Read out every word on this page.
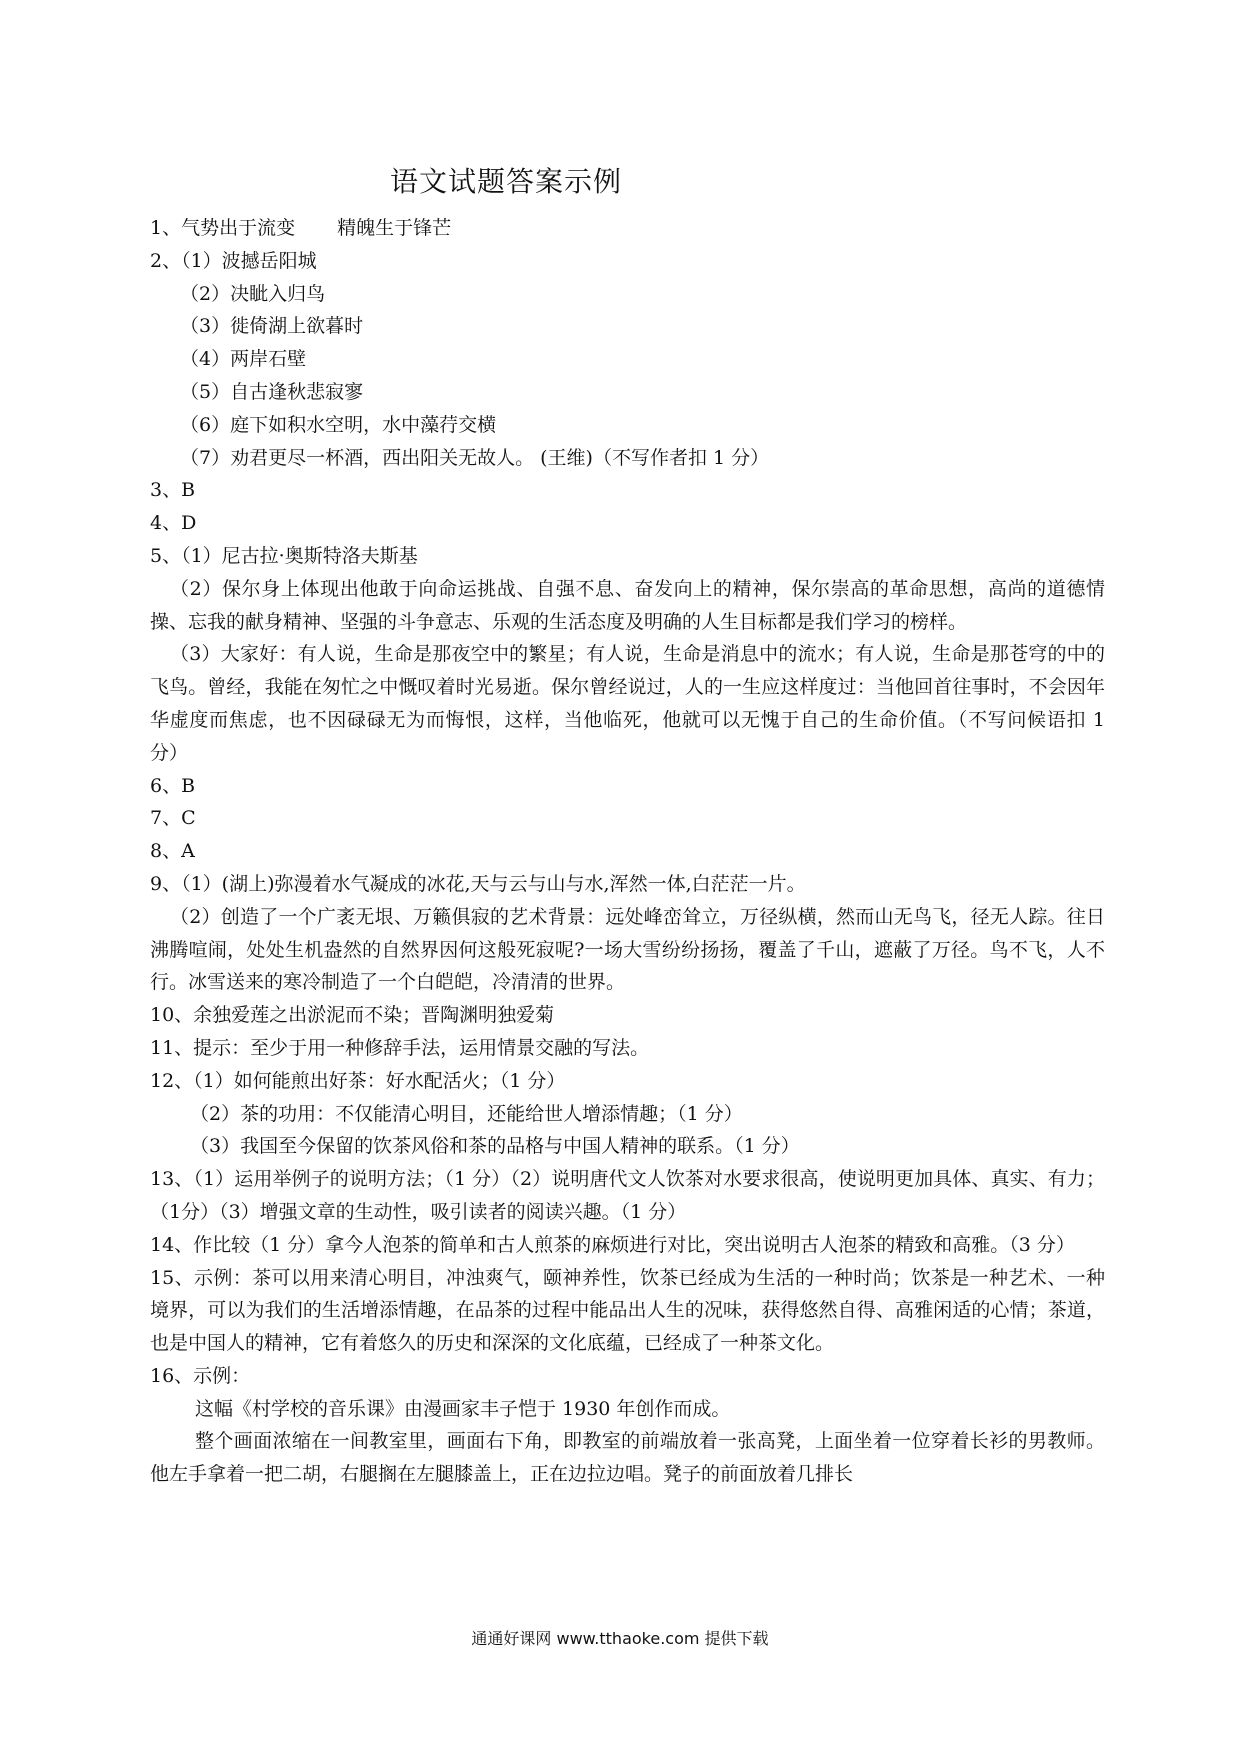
语文试题答案示例
1、气势出于流变 精魄生于锋芒
2、（1）波撼岳阳城
（2）决眦入归鸟
（3）徙倚湖上欲暮时
（4）两岸石壁
（5）自古逢秋悲寂寥
（6）庭下如积水空明，水中藻荇交横
（7）劝君更尽一杯酒，西出阳关无故人。 (王维)（不写作者扣 1 分）
3、B
4、D
5、（1）尼古拉·奥斯特洛夫斯基
（2）保尔身上体现出他敢于向命运挑战、自强不息、奋发向上的精神，保尔崇高的革命思想，高尚的道德情操、忘我的献身精神、坚强的斗争意志、乐观的生活态度及明确的人生目标都是我们学习的榜样。
（3）大家好：有人说，生命是那夜空中的繁星；有人说，生命是消息中的流水；有人说，生命是那苍穹的中的飞鸟。曾经，我能在匆忙之中慨叹着时光易逝。保尔曾经说过，人的一生应这样度过：当他回首往事时，不会因年华虚度而焦虑，也不因碌碌无为而悔恨，这样，当他临死，他就可以无愧于自己的生命价值。（不写问候语扣 1 分）
6、B
7、C
8、A
9、（1）(湖上)弥漫着水气凝成的冰花,天与云与山与水,浑然一体,白茫茫一片。
（2）创造了一个广袤无垠、万籁俱寂的艺术背景：远处峰峦耸立，万径纵横，然而山无鸟飞，径无人踪。往日沸腾喧闹，处处生机盎然的自然界因何这般死寂呢?一场大雪纷纷扬扬，覆盖了千山，遮蔽了万径。鸟不飞，人不行。冰雪送来的寒冷制造了一个白皑皑，冷清清的世界。
10、余独爱莲之出淤泥而不染；晋陶渊明独爱菊
11、提示：至少于用一种修辞手法，运用情景交融的写法。
12、（1）如何能煎出好茶：好水配活火；（1 分）
（2）茶的功用：不仅能清心明目，还能给世人增添情趣；（1 分）
（3）我国至今保留的饮茶风俗和茶的品格与中国人精神的联系。（1 分）
13、（1）运用举例子的说明方法；（1 分）（2）说明唐代文人饮茶对水要求很高，使说明更加具体、真实、有力；（1分）（3）增强文章的生动性，吸引读者的阅读兴趣。（1 分）
14、作比较（1 分）拿今人泡茶的简单和古人煎茶的麻烦进行对比，突出说明古人泡茶的精致和高雅。（3 分）
15、示例：茶可以用来清心明目，冲浊爽气，颐神养性，饮茶已经成为生活的一种时尚；饮茶是一种艺术、一种境界，可以为我们的生活增添情趣，在品茶的过程中能品出人生的况味，获得悠然自得、高雅闲适的心情；茶道，也是中国人的精神，它有着悠久的历史和深深的文化底蕴，已经成了一种茶文化。
16、示例：
这幅《村学校的音乐课》由漫画家丰子恺于 1930 年创作而成。
整个画面浓缩在一间教室里，画面右下角，即教室的前端放着一张高凳，上面坐着一位穿着长衫的男教师。他左手拿着一把二胡，右腿搁在左腿膝盖上，正在边拉边唱。凳子的前面放着几排长
通通好课网 www.tthaoke.com 提供下载
